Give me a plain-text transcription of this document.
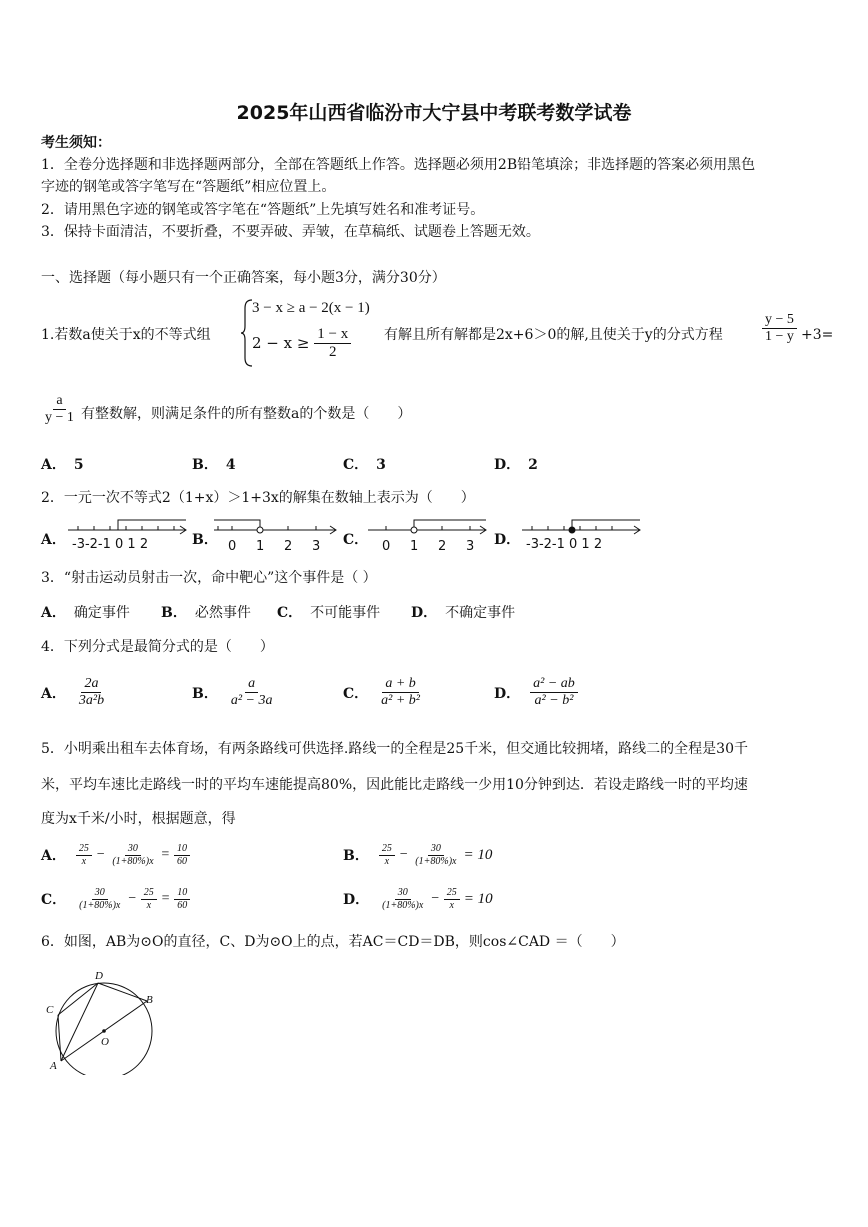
2025年山西省临汾市大宁县中考联考数学试卷
考生须知：
1．全卷分选择题和非选择题两部分，全部在答题纸上作答。选择题必须用2B铅笔填涂；非选择题的答案必须用黑色
字迹的钢笔或答字笔写在“答题纸”相应位置上。
2．请用黑色字迹的钢笔或答字笔在“答题纸”上先填写姓名和准考证号。
3．保持卡面清洁，不要折叠，不要弄破、弄皱，在草稿纸、试题卷上答题无效。
一、选择题（每小题只有一个正确答案，每小题3分，满分30分）
1.若数a使关于x的不等式组
3 − x ≥ a − 2(x − 1)
$2 - x \ge \frac{1 - x}{2}$ 有解且所有解都是2x+6＞0的解,且使关于y的分式方程	$\frac{y - 5}{1 - y} +3=$
$\frac{a}{y - 1}$ 有整数解，则满足条件的所有整数a的个数是（　　）
A． 5	B． 4	C． 3	D． 2
2．一元一次不等式2（1+x）＞1+3x的解集在数轴上表示为（　　）
A． -3-2-1 0 1 2	B． 0 1 2 3 C． 0 1 2 3 D． -3-2-1 0 1 2
3．“射击运动员射击一次，命中靶心”这个事件是（ ）
A． 确定事件 B． 必然事件 C． 不可能事件 D． 不确定事件
4．下列分式是最简分式的是（　　）
A． $\frac{2a}{\text{3a²b}}$	B． $\frac{a}{\text{a² − 3a}}$	C． $\frac{a + b}{\text{a² + b²}}$	D． $\frac{\text{a² − ab}}{\text{a² − b²}}$
5．小明乘出租车去体育场，有两条路线可供选择.路线一的全程是25千米，但交通比较拥堵，路线二的全程是30千
米，平均车速比走路线一时的平均车速能提高80%，因此能比走路线一少用10分钟到达．若设走路线一时的平均速
度为x千米/小时，根据题意，得
A． $\frac{25}{x} - \frac{30}{(1+80\%)x} = \frac{10}{60}$	B． $\frac{25}{x} - \frac{30}{(1+80\%)x} = 10$
C． $\frac{30}{(1+80\%)x} - \frac{25}{x} = \frac{10}{60}$	D． $\frac{30}{(1+80\%)x} - \frac{25}{x} = 10$
6．如图，AB为⊙O的直径，C、D为⊙O上的点，若AC＝CD＝DB，则cos∠CAD ＝（　　）
D
B
C
O
A
